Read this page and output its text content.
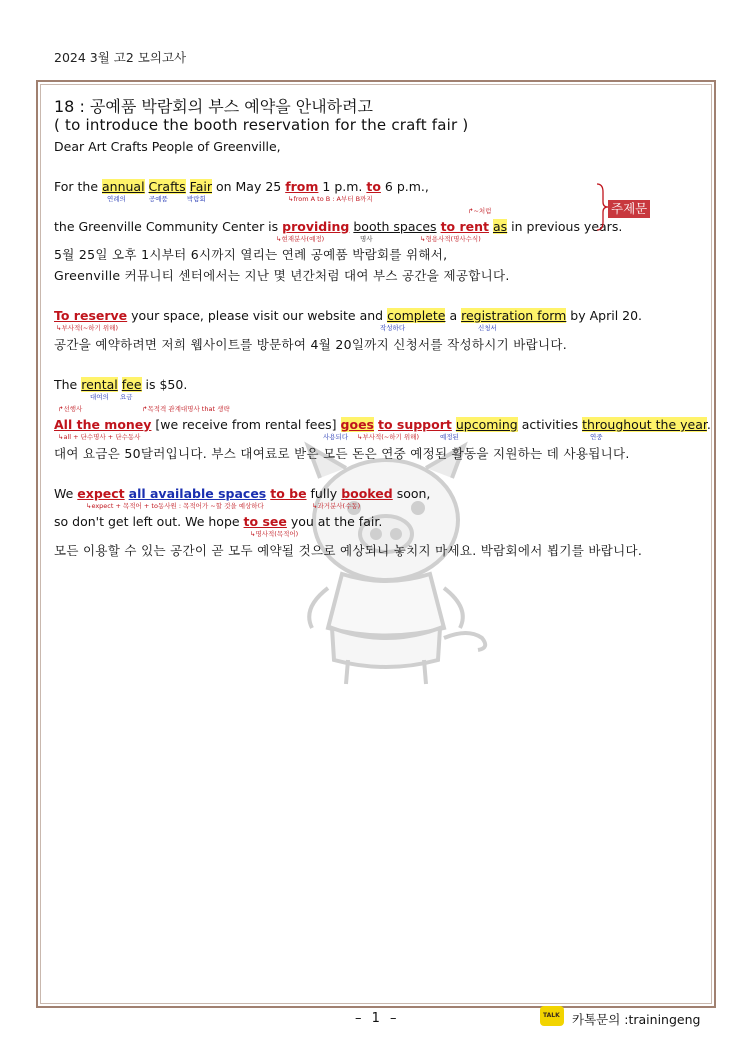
2024 3월 고2 모의고사
18 : 공예품 박람회의 부스 예약을 안내하려고
( to introduce the booth reservation for the craft fair )
Dear Art Crafts People of Greenville,
For the annual Crafts Fair on May 25 from 1 p.m. to 6 p.m.,
연례의	공예품	박람회	↳from A to B : A부터 B까지
↱~처럼
the Greenville Community Center is providing booth spaces to rent as in previous years.
↳현재분사(예정)	명사	↳형용사적(명사수식)
주제문
5월 25일 오후 1시부터 6시까지 열리는 연례 공예품 박람회를 위해서,
Greenville 커뮤니티 센터에서는 지난 몇 년간처럼 대여 부스 공간을 제공합니다.
To reserve your space, please visit our website and complete a registration form by April 20.
↳부사적(~하기 위해)	작성하다	신청서
공간을 예약하려면 저희 웹사이트를 방문하여 4월 20일까지 신청서를 작성하시기 바랍니다.
The rental fee is $50.
대여의 요금
↱선행사	↱목적격 관계대명사 that 생략
All the money [we receive from rental fees] goes to support upcoming activities throughout the year.
↳all + 단수명사 + 단수동사	사용되다 ↳부사적(~하기 위해)	예정된	연중
대여 요금은 50달러입니다. 부스 대여료로 받은 모든 돈은 연중 예정된 활동을 지원하는 데 사용됩니다.
We expect all available spaces to be fully booked soon,
↳expect + 목적어 + to동사원 : 목적어가 ~할 것을 예상하다	↳과거분사(수동)
so don't get left out. We hope to see you at the fair.
↳명사적(목적어)
모든 이용할 수 있는 공간이 곧 모두 예약될 것으로 예상되니 놓치지 마세요. 박람회에서 뵙기를 바랍니다.
– 1 –	TALK 카톡문의 :trainingeng
